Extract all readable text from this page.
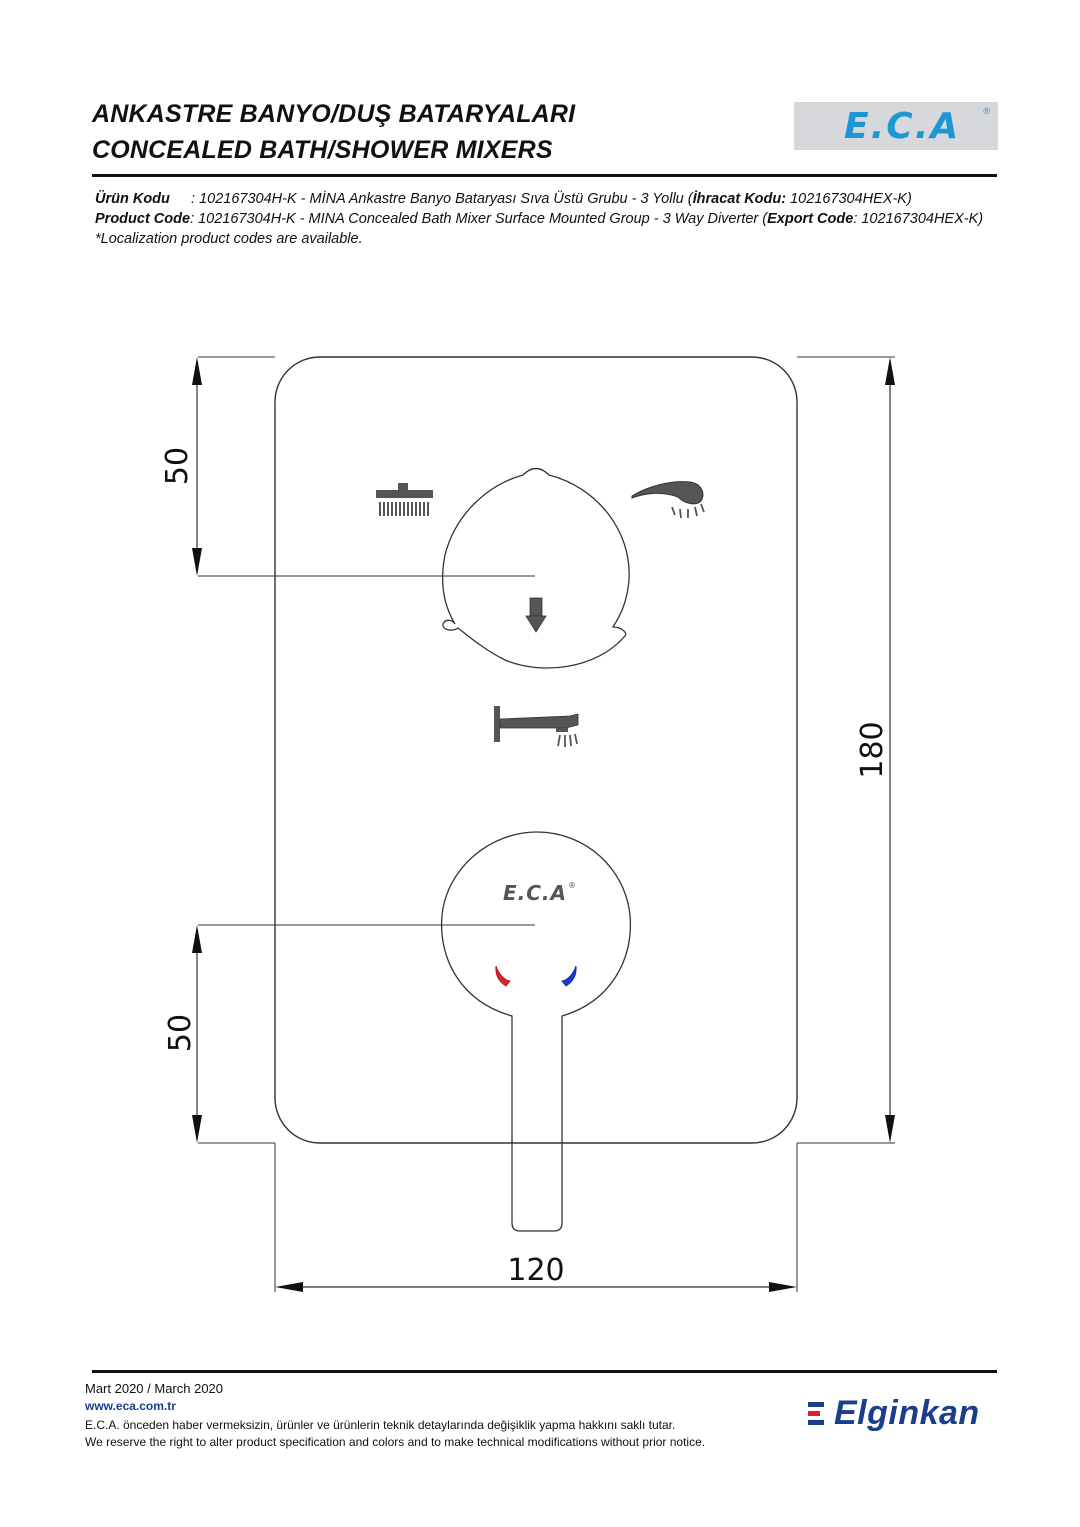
ANKASTRE BANYO/DUŞ BATARYALARI
CONCEALED BATH/SHOWER MIXERS
E.C.A	®
Ürün Kodu : 102167304H-K - MİNA Ankastre Banyo Bataryası Sıva Üstü Grubu - 3 Yollu (İhracat Kodu: 102167304HEX-K)
Product Code: 102167304H-K - MINA Concealed Bath Mixer Surface Mounted Group - 3 Way Diverter (Export Code: 102167304HEX-K)
*Localization product codes are available.
50
50
180
120
E.C.A ®
Mart 2020 / March 2020
www.eca.com.tr
E.C.A. önceden haber vermeksizin, ürünler ve ürünlerin teknik detaylarında değişiklik yapma hakkını saklı tutar.
We reserve the right to alter product specification and colors and to make technical modifications without prior notice.
Elginkan
